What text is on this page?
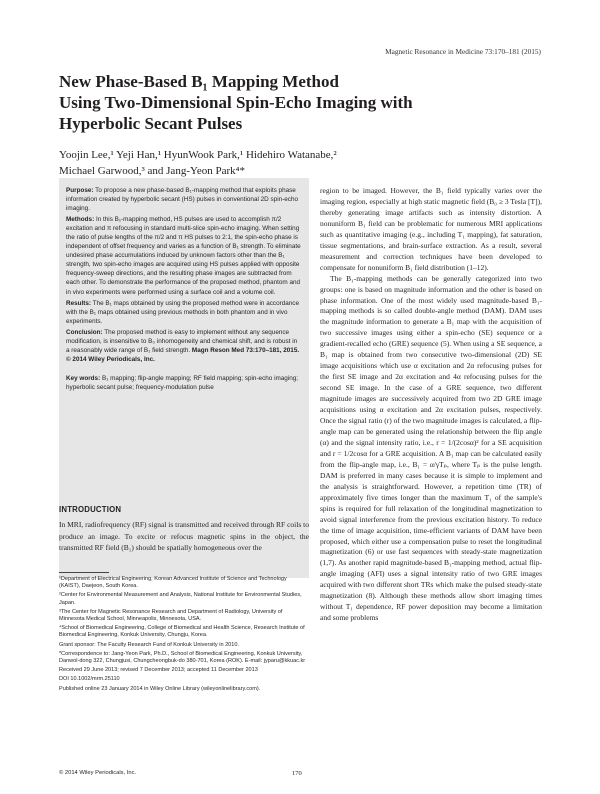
Magnetic Resonance in Medicine 73:170–181 (2015)
New Phase-Based B₁ Mapping Method
Using Two-Dimensional Spin-Echo Imaging with
Hyperbolic Secant Pulses
Yoojin Lee,¹ Yeji Han,¹ HyunWook Park,¹ Hidehiro Watanabe,²
Michael Garwood,³ and Jang-Yeon Park⁴*

Purpose: To propose a new phase-based B₁-mapping method that exploits phase information created by hyperbolic secant (HS) pulses in conventional 2D spin-echo imaging.

Methods: In this B₁-mapping method, HS pulses are used to accomplish π/2 excitation and π refocusing in standard multi-slice spin-echo imaging. When setting the ratio of pulse lengths of the π/2 and π HS pulses to 2:1, the spin-echo phase is independent of offset frequency and varies as a function of B₁ strength. To eliminate undesired phase accumulations induced by unknown factors other than the B₁ strength, two spin-echo images are acquired using HS pulses applied with opposite frequency-sweep directions, and the resulting phase images are subtracted from each other. To demonstrate the performance of the proposed method, phantom and in vivo experiments were performed using a surface coil and a volume coil.

Results: The B₁ maps obtained by using the proposed method were in accordance with the B₁ maps obtained using previous methods in both phantom and in vivo experiments.

Conclusion: The proposed method is easy to implement without any sequence modification, is insensitive to B₀ inhomogeneity and chemical shift, and is robust in a reasonably wide range of B₁ field strength. Magn Reson Med 73:170–181, 2015. © 2014 Wiley Periodicals, Inc.

Key words: B₁ mapping; flip-angle mapping; RF field mapping; spin-echo imaging; hyperbolic secant pulse; frequency-modulation pulse

INTRODUCTION

In MRI, radiofrequency (RF) signal is transmitted and received through RF coils to produce an image. To excite or refocus magnetic spins in the object, the transmitted RF field (B₁) should be spatially homogeneous over the

¹Department of Electrical Engineering, Korean Advanced Institute of Science and Technology (KAIST), Daejeon, South Korea.

²Center for Environmental Measurement and Analysis, National Institute for Environmental Studies, Japan.

³The Center for Magnetic Resonance Research and Department of Radiology, University of Minnesota Medical School, Minneapolis, Minnesota, USA.

⁴School of Biomedical Engineering, College of Biomedical and Health Science, Research Institute of Biomedical Engineering, Konkuk University, Chungju, Korea.

Grant sponsor: The Faculty Research Fund of Konkuk University in 2010.

*Correspondence to: Jang-Yeon Park, Ph.D., School of Biomedical Engineering, Konkuk University, Danwol-dong 322, Chungjusi, Chungcheongbuk-do 380-701, Korea (ROK). E-mail: jyparu@kkuac.kr

Received 29 June 2013; revised 7 December 2013; accepted 11 December 2013

DOI 10.1002/mrm.25110

Published online 23 January 2014 in Wiley Online Library (wileyonlinelibrary.com).

region to be imaged. However, the B₁ field typically varies over the imaging region, especially at high static magnetic field (B₀ ≥ 3 Tesla [T]), thereby generating image artifacts such as intensity distortion. A nonuniform B₁ field can be problematic for numerous MRI applications such as quantitative imaging (e.g., including T₁ mapping), fat saturation, tissue segmentations, and brain-surface extraction. As a result, several measurement and correction techniques have been developed to compensate for nonuniform B₁ field distribution (1–12).

The B₁-mapping methods can be generally categorized into two groups: one is based on magnitude information and the other is based on phase information. One of the most widely used magnitude-based B₁-mapping methods is so called double-angle method (DAM). DAM uses the magnitude information to generate a B₁ map with the acquisition of two successive images using either a spin-echo (SE) sequence or a gradient-recalled echo (GRE) sequence (5). When using a SE sequence, a B₁ map is obtained from two consecutive two-dimensional (2D) SE image acquisitions which use α excitation and 2α refocusing pulses for the first SE image and 2α excitation and 4α refocusing pulses for the second SE image. In the case of a GRE sequence, two different magnitude images are successively acquired from two 2D GRE image acquisitions using α excitation and 2α excitation pulses, respectively. Once the signal ratio (r) of the two magnitude images is calculated, a flip-angle map can be generated using the relationship between the flip angle (α) and the signal intensity ratio, i.e., r = 1/(2cosα)² for a SE acquisition and r = 1/2cosα for a GRE acquisition. A B₁ map can be calculated easily from the flip-angle map, i.e., B₁ = α/γTₚ, where Tₚ is the pulse length. DAM is preferred in many cases because it is simple to implement and the analysis is straightforward. However, a repetition time (TR) of approximately five times longer than the maximum T₁ of the sample's spins is required for full relaxation of the longitudinal magnetization to avoid signal interference from the previous excitation history. To reduce the time of image acquisition, time-efficient variants of DAM have been proposed, which either use a compensation pulse to reset the longitudinal magnetization (6) or use fast sequences with steady-state magnetization (1,7). As another rapid magnitude-based B₁-mapping method, actual flip-angle imaging (AFI) uses a signal intensity ratio of two GRE images acquired with two different short TRs which make the pulsed steady-state magnetization (8). Although these methods allow short imaging times without T₁ dependence, RF power deposition may become a limitation and some problems

© 2014 Wiley Periodicals, Inc.	170
